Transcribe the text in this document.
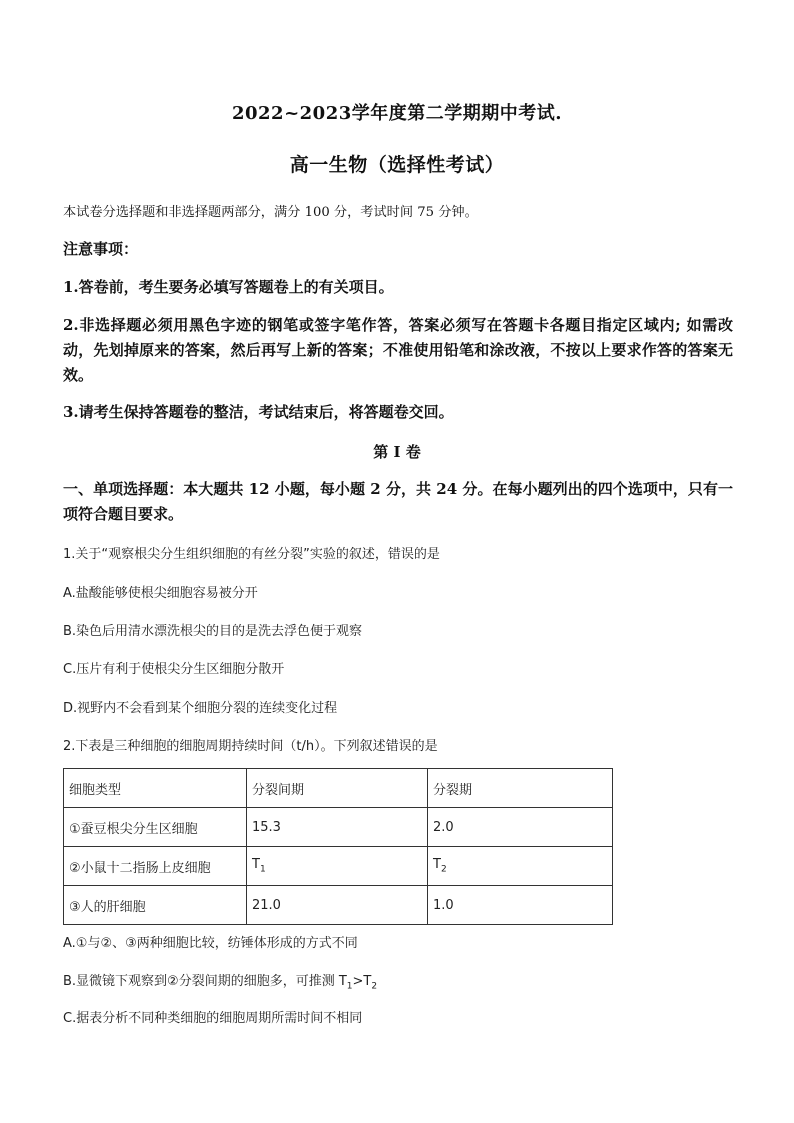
2022~2023学年度第二学期期中考试.
高一生物（选择性考试）
本试卷分选择题和非选择题两部分，满分 100 分，考试时间 75 分钟。
注意事项：
1.答卷前，考生要务必填写答题卷上的有关项目。
2.非选择题必须用黑色字迹的钢笔或签字笔作答，答案必须写在答题卡各题目指定区域内; 如需改动，先划掉原来的答案，然后再写上新的答案；不准使用铅笔和涂改液，不按以上要求作答的答案无效。
3.请考生保持答题卷的整洁，考试结束后，将答题卷交回。
第 I 卷
一、单项选择题：本大题共 12 小题，每小题 2 分，共 24 分。在每小题列出的四个选项中，只有一项符合题目要求。
1.关于“观察根尖分生组织细胞的有丝分裂”实验的叙述，错误的是
A.盐酸能够使根尖细胞容易被分开
B.染色后用清水漂洗根尖的目的是洗去浮色便于观察
C.压片有利于使根尖分生区细胞分散开
D.视野内不会看到某个细胞分裂的连续变化过程
2.下表是三种细胞的细胞周期持续时间（t/h）。下列叙述错误的是
细胞类型	分裂间期	分裂期
①蚕豆根尖分生区细胞	15.3	2.0
②小鼠十二指肠上皮细胞	$T_1$	$T_2$
③人的肝细胞	21.0	1.0
A.①与②、③两种细胞比较，纺锤体形成的方式不同
B.显微镜下观察到②分裂间期的细胞多，可推测 $T_1>T_2$
C.据表分析不同种类细胞的细胞周期所需时间不相同
